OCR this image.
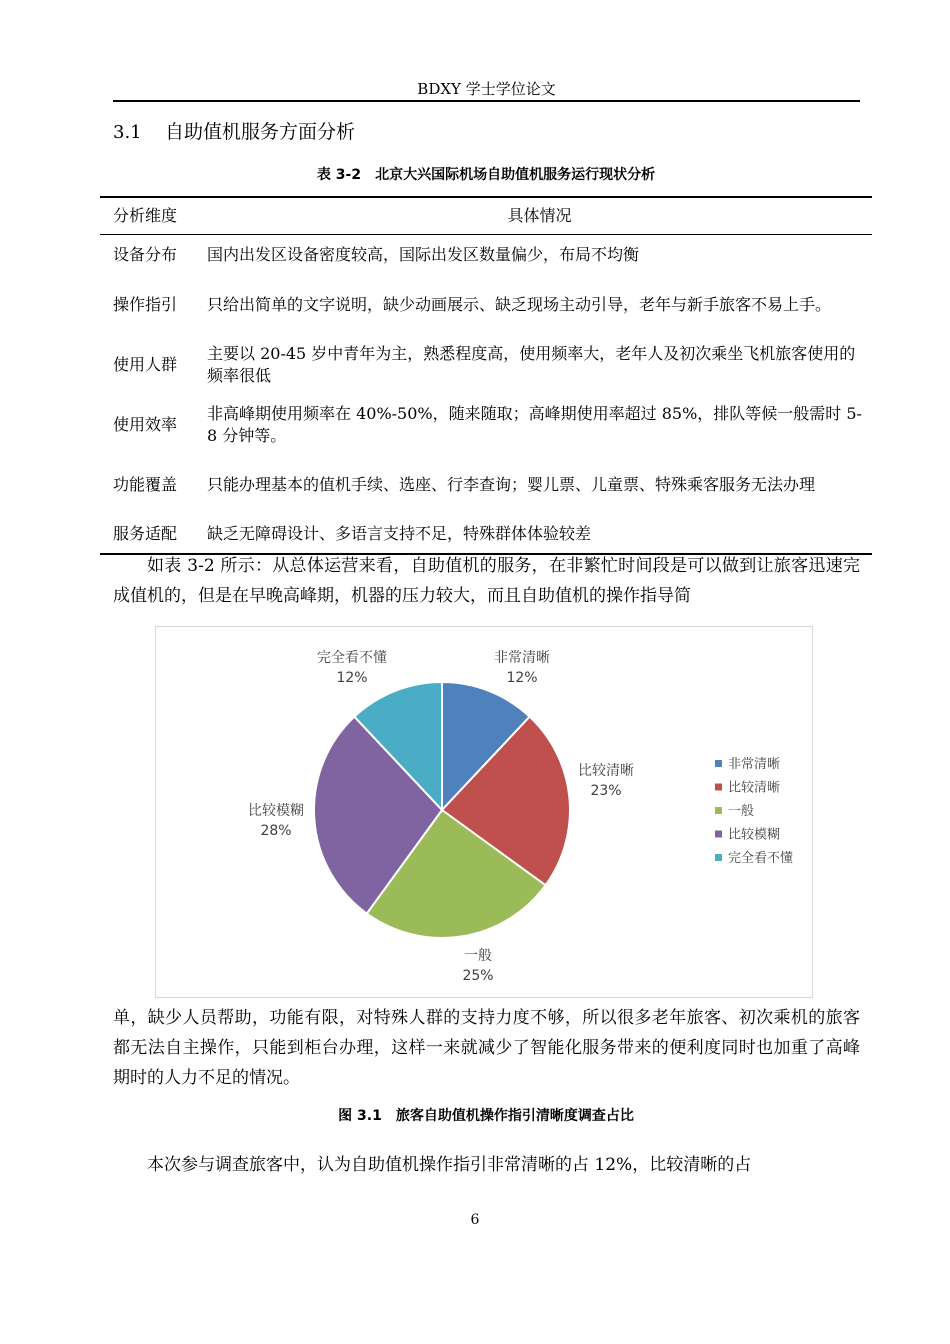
BDXY 学士学位论文
3.1 自助值机服务方面分析
表 3-2　北京大兴国际机场自助值机服务运行现状分析
分析维度	具体情况
设备分布	国内出发区设备密度较高，国际出发区数量偏少，布局不均衡
操作指引	只给出简单的文字说明，缺少动画展示、缺乏现场主动引导，老年与新手旅客不易上手。
使用人群	主要以 20-45 岁中青年为主，熟悉程度高，使用频率大，老年人及初次乘坐飞机旅客使用的频率很低
使用效率	非高峰期使用频率在 40%-50%，随来随取；高峰期使用率超过 85%，排队等候一般需时 5-8 分钟等。
功能覆盖	只能办理基本的值机手续、选座、行李查询；婴儿票、儿童票、特殊乘客服务无法办理
服务适配	缺乏无障碍设计、多语言支持不足，特殊群体体验较差
如表 3-2 所示：从总体运营来看，自助值机的服务，在非繁忙时间段是可以做到让旅客迅速完成值机的，但是在早晚高峰期，机器的压力较大，而且自助值机的操作指导简
非常清晰
12%
比较清晰
23%
一般
25%
比较模糊
28%
完全看不懂
12%
非常清晰
比较清晰
一般
比较模糊
完全看不懂
单，缺少人员帮助，功能有限，对特殊人群的支持力度不够，所以很多老年旅客、初次乘机的旅客都无法自主操作，只能到柜台办理，这样一来就减少了智能化服务带来的便利度同时也加重了高峰期时的人力不足的情况。
图 3.1　旅客自助值机操作指引清晰度调查占比
本次参与调查旅客中，认为自助值机操作指引非常清晰的占 12%，比较清晰的占
6
